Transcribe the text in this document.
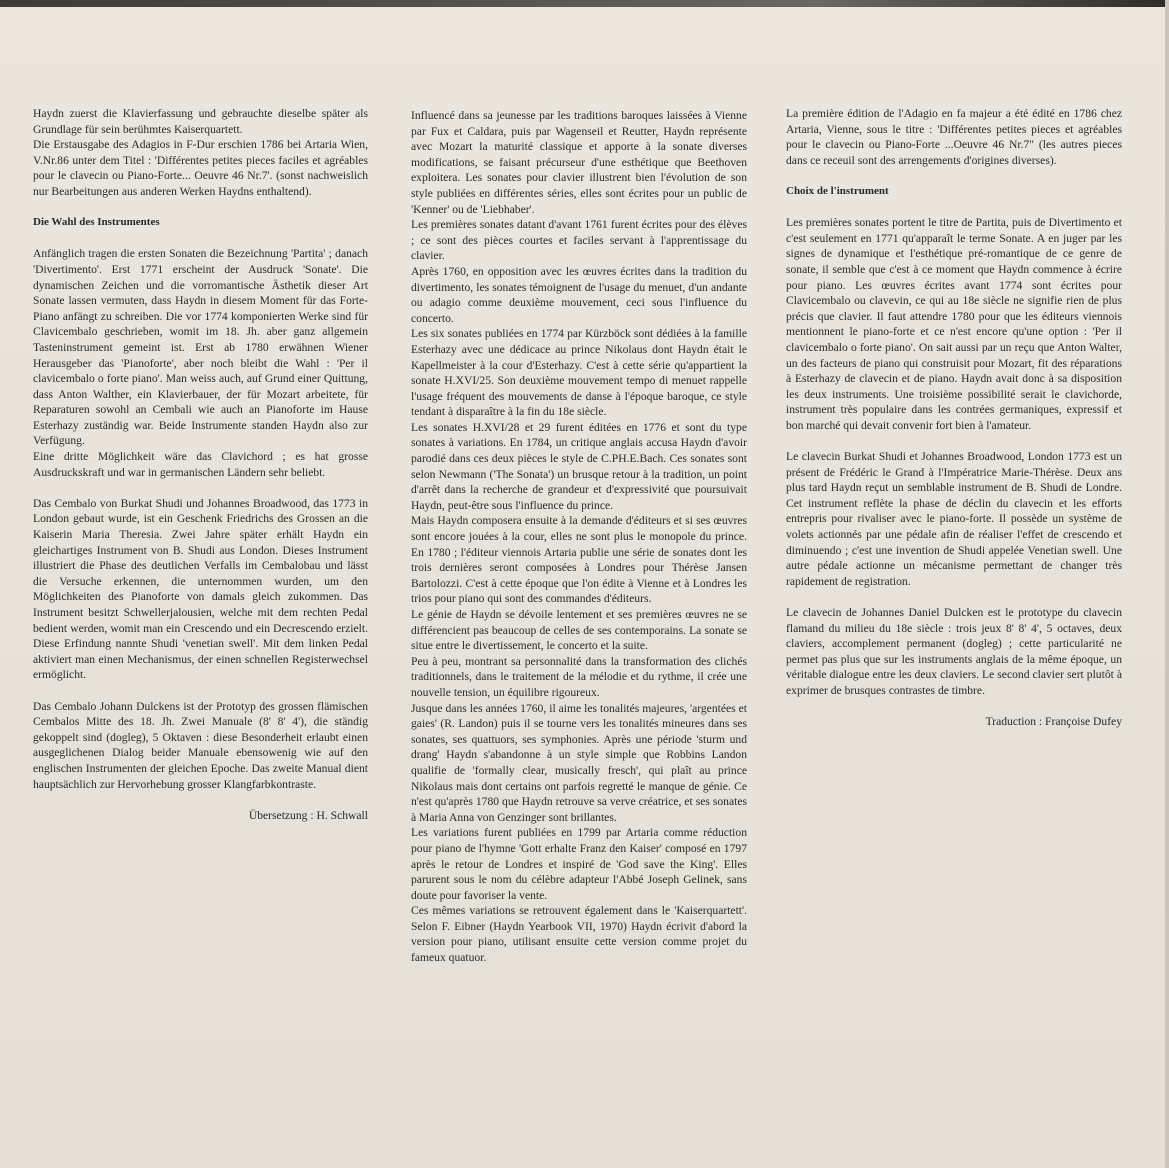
Haydn zuerst die Klavierfassung und gebrauchte dieselbe später als Grundlage für sein berühmtes Kaiserquartett.

Die Erstausgabe des Adagios in F-Dur erschien 1786 bei Artaria Wien, V.Nr.86 unter dem Titel : 'Différentes petites pieces faciles et agréables pour le clavecin ou Piano-Forte... Oeuvre 46 Nr.7'. (sonst nachweislich nur Bearbeitungen aus anderen Werken Haydns enthaltend).

Die Wahl des Instrumentes

Anfänglich tragen die ersten Sonaten die Bezeichnung 'Partita' ; danach 'Divertimento'. Erst 1771 erscheint der Ausdruck 'Sonate'. Die dynamischen Zeichen und die vorromantische Ästhetik dieser Art Sonate lassen vermuten, dass Haydn in diesem Moment für das Forte-Piano anfängt zu schreiben. Die vor 1774 komponierten Werke sind für Clavicembalo geschrieben, womit im 18. Jh. aber ganz allgemein Tasteninstrument gemeint ist. Erst ab 1780 erwähnen Wiener Herausgeber das 'Pianoforte', aber noch bleibt die Wahl : 'Per il clavicembalo o forte piano'. Man weiss auch, auf Grund einer Quittung, dass Anton Walther, ein Klavierbauer, der für Mozart arbeitete, für Reparaturen sowohl an Cembali wie auch an Pianoforte im Hause Esterhazy zuständig war. Beide Instrumente standen Haydn also zur Verfügung.

Eine dritte Möglichkeit wäre das Clavichord ; es hat grosse Ausdruckskraft und war in germanischen Ländern sehr beliebt.

Das Cembalo von Burkat Shudi und Johannes Broadwood, das 1773 in London gebaut wurde, ist ein Geschenk Friedrichs des Grossen an die Kaiserin Maria Theresia. Zwei Jahre später erhält Haydn ein gleichartiges Instrument von B. Shudi aus London. Dieses Instrument illustriert die Phase des deutlichen Verfalls im Cembalobau und lässt die Versuche erkennen, die unternommen wurden, um den Möglichkeiten des Pianoforte von damals gleich zukommen. Das Instrument besitzt Schwellerjalousien, welche mit dem rechten Pedal bedient werden, womit man ein Crescendo und ein Decrescendo erzielt. Diese Erfindung nannte Shudi 'venetian swell'. Mit dem linken Pedal aktiviert man einen Mechanismus, der einen schnellen Registerwechsel ermöglicht.

Das Cembalo Johann Dulckens ist der Prototyp des grossen flämischen Cembalos Mitte des 18. Jh. Zwei Manuale (8' 8' 4'), die ständig gekoppelt sind (dogleg), 5 Oktaven : diese Besonderheit erlaubt einen ausgeglichenen Dialog beider Manuale ebensowenig wie auf den englischen Instrumenten der gleichen Epoche. Das zweite Manual dient hauptsächlich zur Hervorhebung grosser Klangfarbkontraste.

Übersetzung : H. Schwall

Influencé dans sa jeunesse par les traditions baroques laissées à Vienne par Fux et Caldara, puis par Wagenseil et Reutter, Haydn représente avec Mozart la maturité classique et apporte à la sonate diverses modifications, se faisant précurseur d'une esthétique que Beethoven exploitera. Les sonates pour clavier illustrent bien l'évolution de son style publiées en différentes séries, elles sont écrites pour un public de 'Kenner' ou de 'Liebhaber'.

Les premières sonates datant d'avant 1761 furent écrites pour des élèves ; ce sont des pièces courtes et faciles servant à l'apprentissage du clavier.

Après 1760, en opposition avec les œuvres écrites dans la tradition du divertimento, les sonates témoignent de l'usage du menuet, d'un andante ou adagio comme deuxième mouvement, ceci sous l'influence du concerto.

Les six sonates publiées en 1774 par Kürzböck sont dédiées à la famille Esterhazy avec une dédicace au prince Nikolaus dont Haydn était le Kapellmeister à la cour d'Esterhazy. C'est à cette série qu'appartient la sonate H.XVI/25. Son deuxième mouvement tempo di menuet rappelle l'usage fréquent des mouvements de danse à l'époque baroque, ce style tendant à disparaître à la fin du 18e siècle.

Les sonates H.XVI/28 et 29 furent éditées en 1776 et sont du type sonates à variations. En 1784, un critique anglais accusa Haydn d'avoir parodié dans ces deux pièces le style de C.PH.E.Bach. Ces sonates sont selon Newmann ('The Sonata') un brusque retour à la tradition, un point d'arrêt dans la recherche de grandeur et d'expressivité que poursuivait Haydn, peut-être sous l'influence du prince.

Mais Haydn composera ensuite à la demande d'éditeurs et si ses œuvres sont encore jouées à la cour, elles ne sont plus le monopole du prince. En 1780 ; l'éditeur viennois Artaria publie une série de sonates dont les trois dernières seront composées à Londres pour Thérèse Jansen Bartolozzi. C'est à cette époque que l'on édite à Vienne et à Londres les trios pour piano qui sont des commandes d'éditeurs.

Le génie de Haydn se dévoile lentement et ses premières œuvres ne se différencient pas beaucoup de celles de ses contemporains. La sonate se situe entre le divertissement, le concerto et la suite.

Peu à peu, montrant sa personnalité dans la transformation des clichés traditionnels, dans le traitement de la mélodie et du rythme, il crée une nouvelle tension, un équilibre rigoureux.

Jusque dans les années 1760, il aime les tonalités majeures, 'argentées et gaies' (R. Landon) puis il se tourne vers les tonalités mineures dans ses sonates, ses quattuors, ses symphonies. Après une période 'sturm und drang' Haydn s'abandonne à un style simple que Robbins Landon qualifie de 'formally clear, musically fresch', qui plaît au prince Nikolaus mais dont certains ont parfois regretté le manque de génie. Ce n'est qu'après 1780 que Haydn retrouve sa verve créatrice, et ses sonates à Maria Anna von Genzinger sont brillantes.

Les variations furent publiées en 1799 par Artaria comme réduction pour piano de l'hymne 'Gott erhalte Franz den Kaiser' composé en 1797 après le retour de Londres et inspiré de 'God save the King'. Elles parurent sous le nom du célèbre adapteur l'Abbé Joseph Gelinek, sans doute pour favoriser la vente.

Ces mêmes variations se retrouvent également dans le 'Kaiserquartett'. Selon F. Eibner (Haydn Yearbook VII, 1970) Haydn écrivit d'abord la version pour piano, utilisant ensuite cette version comme projet du fameux quatuor.

La première édition de l'Adagio en fa majeur a été édité en 1786 chez Artaria, Vienne, sous le titre : 'Différentes petites pieces et agréables pour le clavecin ou Piano-Forte ...Oeuvre 46 Nr.7" (les autres pieces dans ce receuil sont des arrengements d'origines diverses).

Choix de l'instrument

Les premières sonates portent le titre de Partita, puis de Divertimento et c'est seulement en 1771 qu'apparaît le terme Sonate. A en juger par les signes de dynamique et l'esthétique pré-romantique de ce genre de sonate, il semble que c'est à ce moment que Haydn commence à écrire pour piano. Les œuvres écrites avant 1774 sont écrites pour Clavicembalo ou clavevin, ce qui au 18e siècle ne signifie rien de plus précis que clavier. Il faut attendre 1780 pour que les éditeurs viennois mentionnent le piano-forte et ce n'est encore qu'une option : 'Per il clavicembalo o forte piano'. On sait aussi par un reçu que Anton Walter, un des facteurs de piano qui construisit pour Mozart, fit des réparations à Esterhazy de clavecin et de piano. Haydn avait donc à sa disposition les deux instruments. Une troisième possibilité serait le clavichorde, instrument très populaire dans les contrées germaniques, expressif et bon marché qui devait convenir fort bien à l'amateur.

Le clavecin Burkat Shudi et Johannes Broadwood, London 1773 est un présent de Frédéric le Grand à l'Impératrice Marie-Thérèse. Deux ans plus tard Haydn reçut un semblable instrument de B. Shudi de Londre. Cet instrument reflète la phase de déclin du clavecin et les efforts entrepris pour rivaliser avec le piano-forte. Il possède un système de volets actionnés par une pédale afin de réaliser l'effet de crescendo et diminuendo ; c'est une invention de Shudi appelée Venetian swell. Une autre pédale actionne un mécanisme permettant de changer très rapidement de registration.

Le clavecin de Johannes Daniel Dulcken est le prototype du clavecin flamand du milieu du 18e siècle : trois jeux 8' 8' 4', 5 octaves, deux claviers, accomplement permanent (dogleg) ; cette particularité ne permet pas plus que sur les instruments anglais de la même époque, un véritable dialogue entre les deux claviers. Le second clavier sert plutôt à exprimer de brusques contrastes de timbre.

Traduction : Françoise Dufey
